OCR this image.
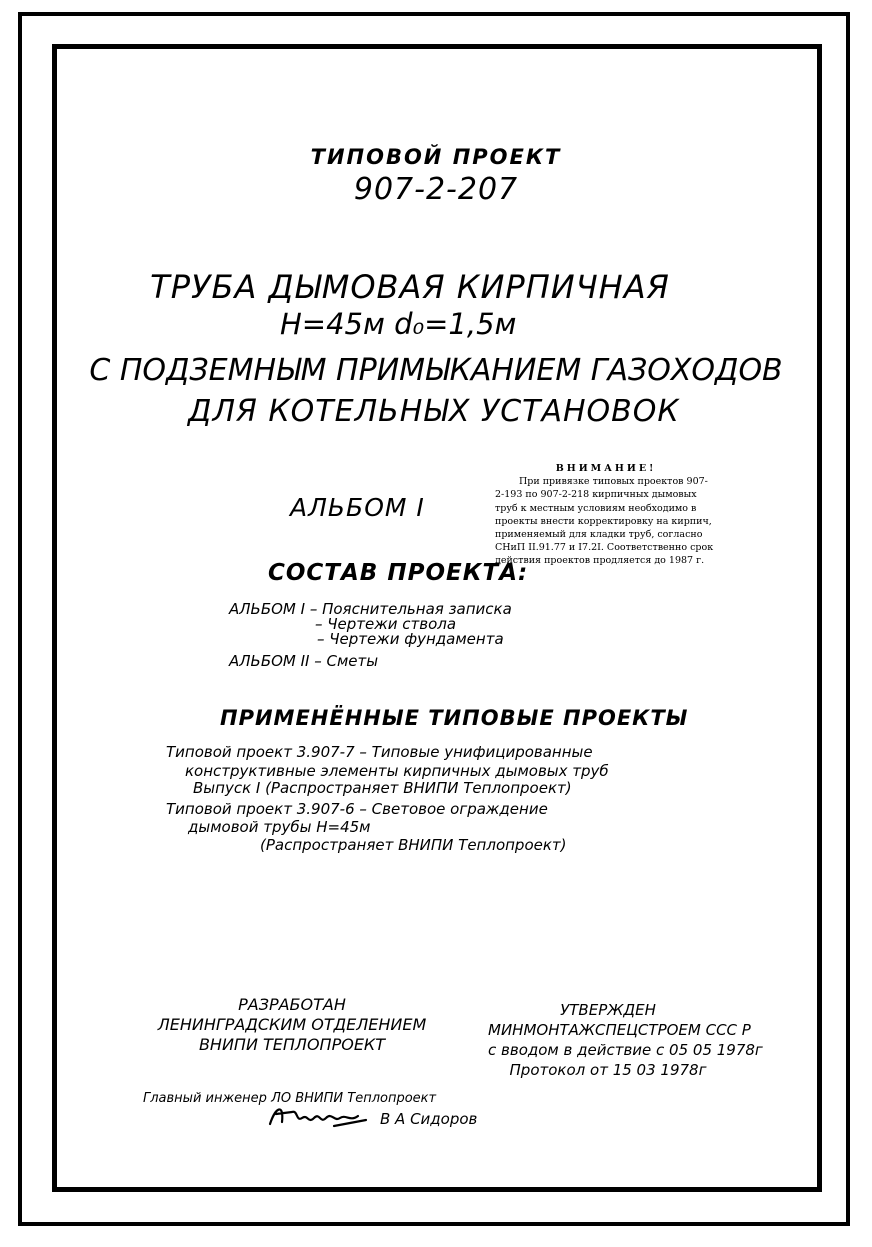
ТИПОВОЙ ПРОЕКТ
907-2-207
ТРУБА ДЫМОВАЯ КИРПИЧНАЯ
Н=45м d₀=1,5м
С ПОДЗЕМНЫМ ПРИМЫКАНИЕМ ГАЗОХОДОВ
ДЛЯ КОТЕЛЬНЫХ УСТАНОВОК
АЛЬБОМ I
ВНИМАНИЕ!
При привязке типовых проектов 907-2-193 по 907-2-218 кирпичных дымовых труб к местным условиям необходимо в проекты внести корректировку на кирпич, применяемый для кладки труб, согласно СНиП II.91.77 и I7.2I. Соответственно срок действия проектов продляется до 1987 г.
СОСТАВ ПРОЕКТА:
АЛЬБОМ I – Пояснительная записка
– Чертежи ствола
– Чертежи фундамента
АЛЬБОМ II – Сметы
ПРИМЕНЁННЫЕ ТИПОВЫЕ ПРОЕКТЫ
Типовой проект 3.907-7 – Типовые унифицированные
конструктивные элементы кирпичных дымовых труб
Выпуск I (Распространяет ВНИПИ Теплопроект)
Типовой проект 3.907-6 – Световое ограждение
дымовой трубы Н=45м
(Распространяет ВНИПИ Теплопроект)
РАЗРАБОТАН
ЛЕНИНГРАДСКИМ ОТДЕЛЕНИЕМ
ВНИПИ ТЕПЛОПРОЕКТ
УТВЕРЖДЕН
МИНМОНТАЖСПЕЦСТРОЕМ ССС Р
с вводом в действие с 05 05 1978г
Протокол от 15 03 1978г
Главный инженер ЛО ВНИПИ Теплопроект
В А Сидоров
